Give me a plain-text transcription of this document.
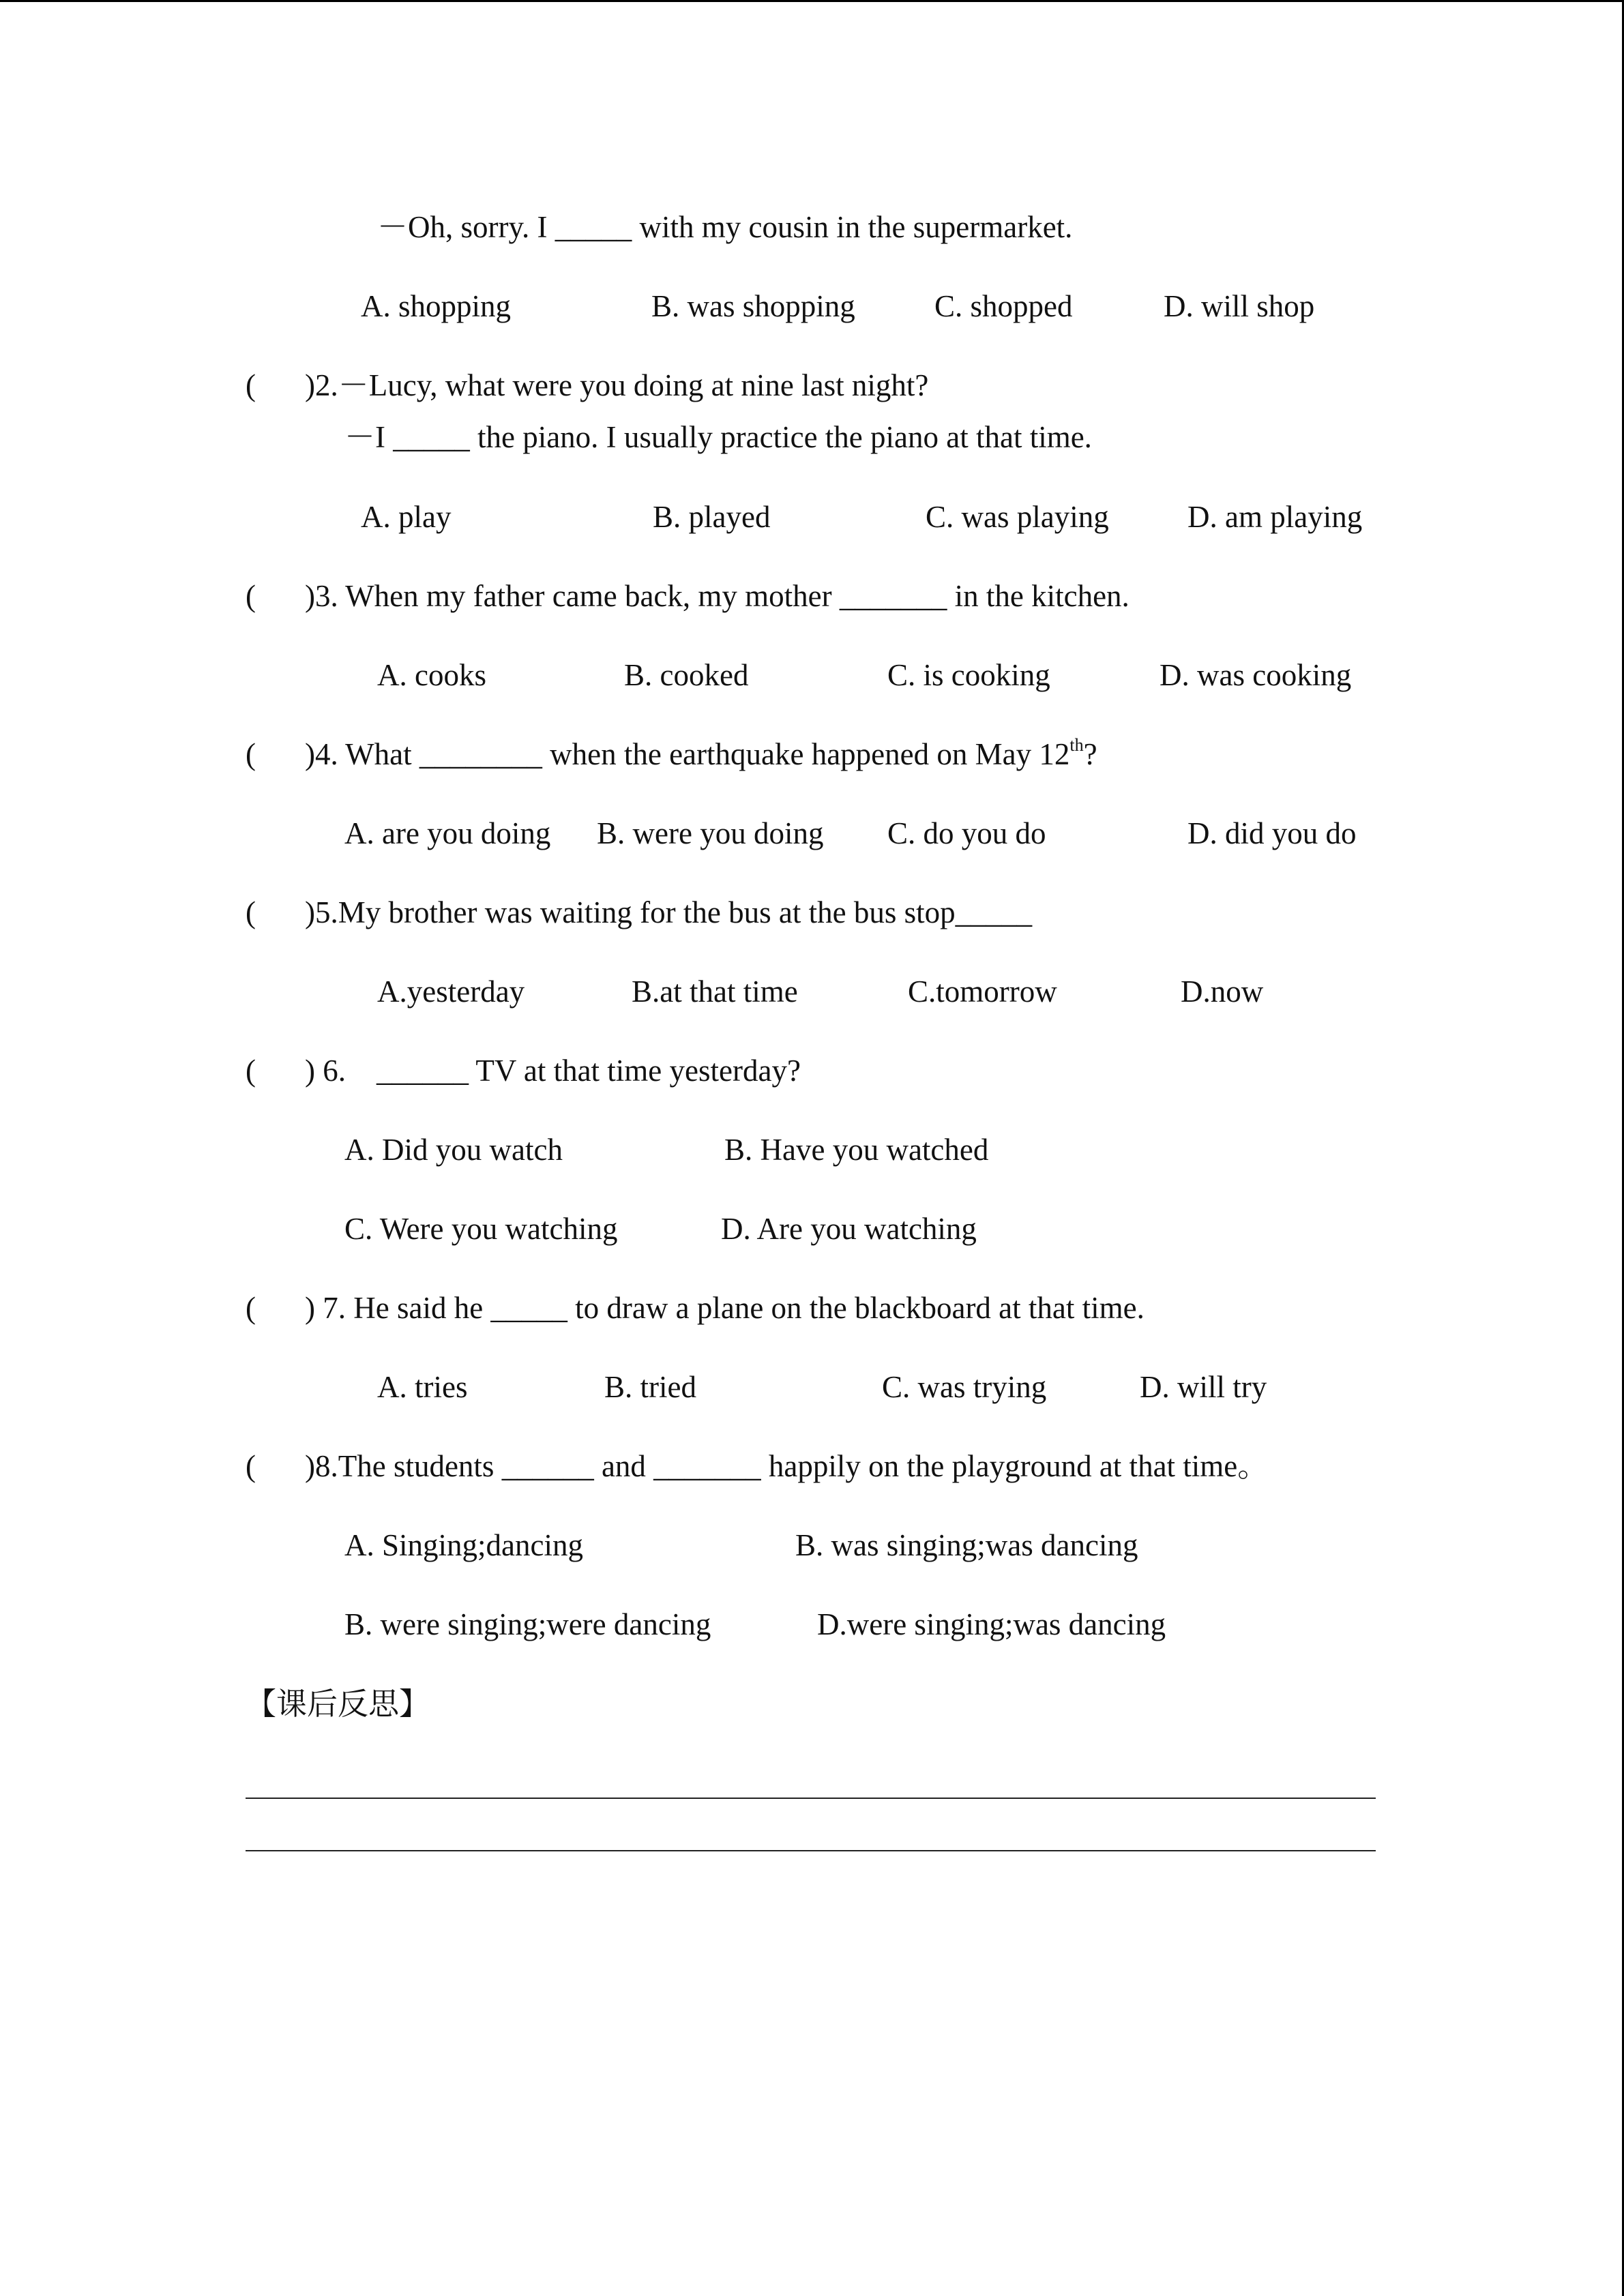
－Oh, sorry. I _____ with my cousin in the supermarket.
A. shopping	B. was shopping	C. shopped	D. will shop
( )2.－Lucy, what were you doing at nine last night?
－I _____ the piano. I usually practice the piano at that time.
A. play	B. played	C. was playing	D. am playing
( )3. When my father came back, my mother _______ in the kitchen.
A. cooks	B. cooked	C. is cooking	D. was cooking
( )4. What ________ when the earthquake happened on May 12th?
A. are you doing B. were you doing C. do you do	D. did you do
( )5.My brother was waiting for the bus at the bus stop_____
A.yesterday	B.at that time	C.tomorrow	D.now
( ) 6.    ______ TV at that time yesterday?
A. Did you watch	B. Have you watched
C. Were you watching	D. Are you watching
( ) 7. He said he _____ to draw a plane on the blackboard at that time.
A. tries	B. tried	C. was trying	D. will try
( )8.The students ______ and _______ happily on the playground at that time。
A. Singing;dancing	B. was singing;was dancing
B. were singing;were dancing	D.were singing;was dancing
【课后反思】
